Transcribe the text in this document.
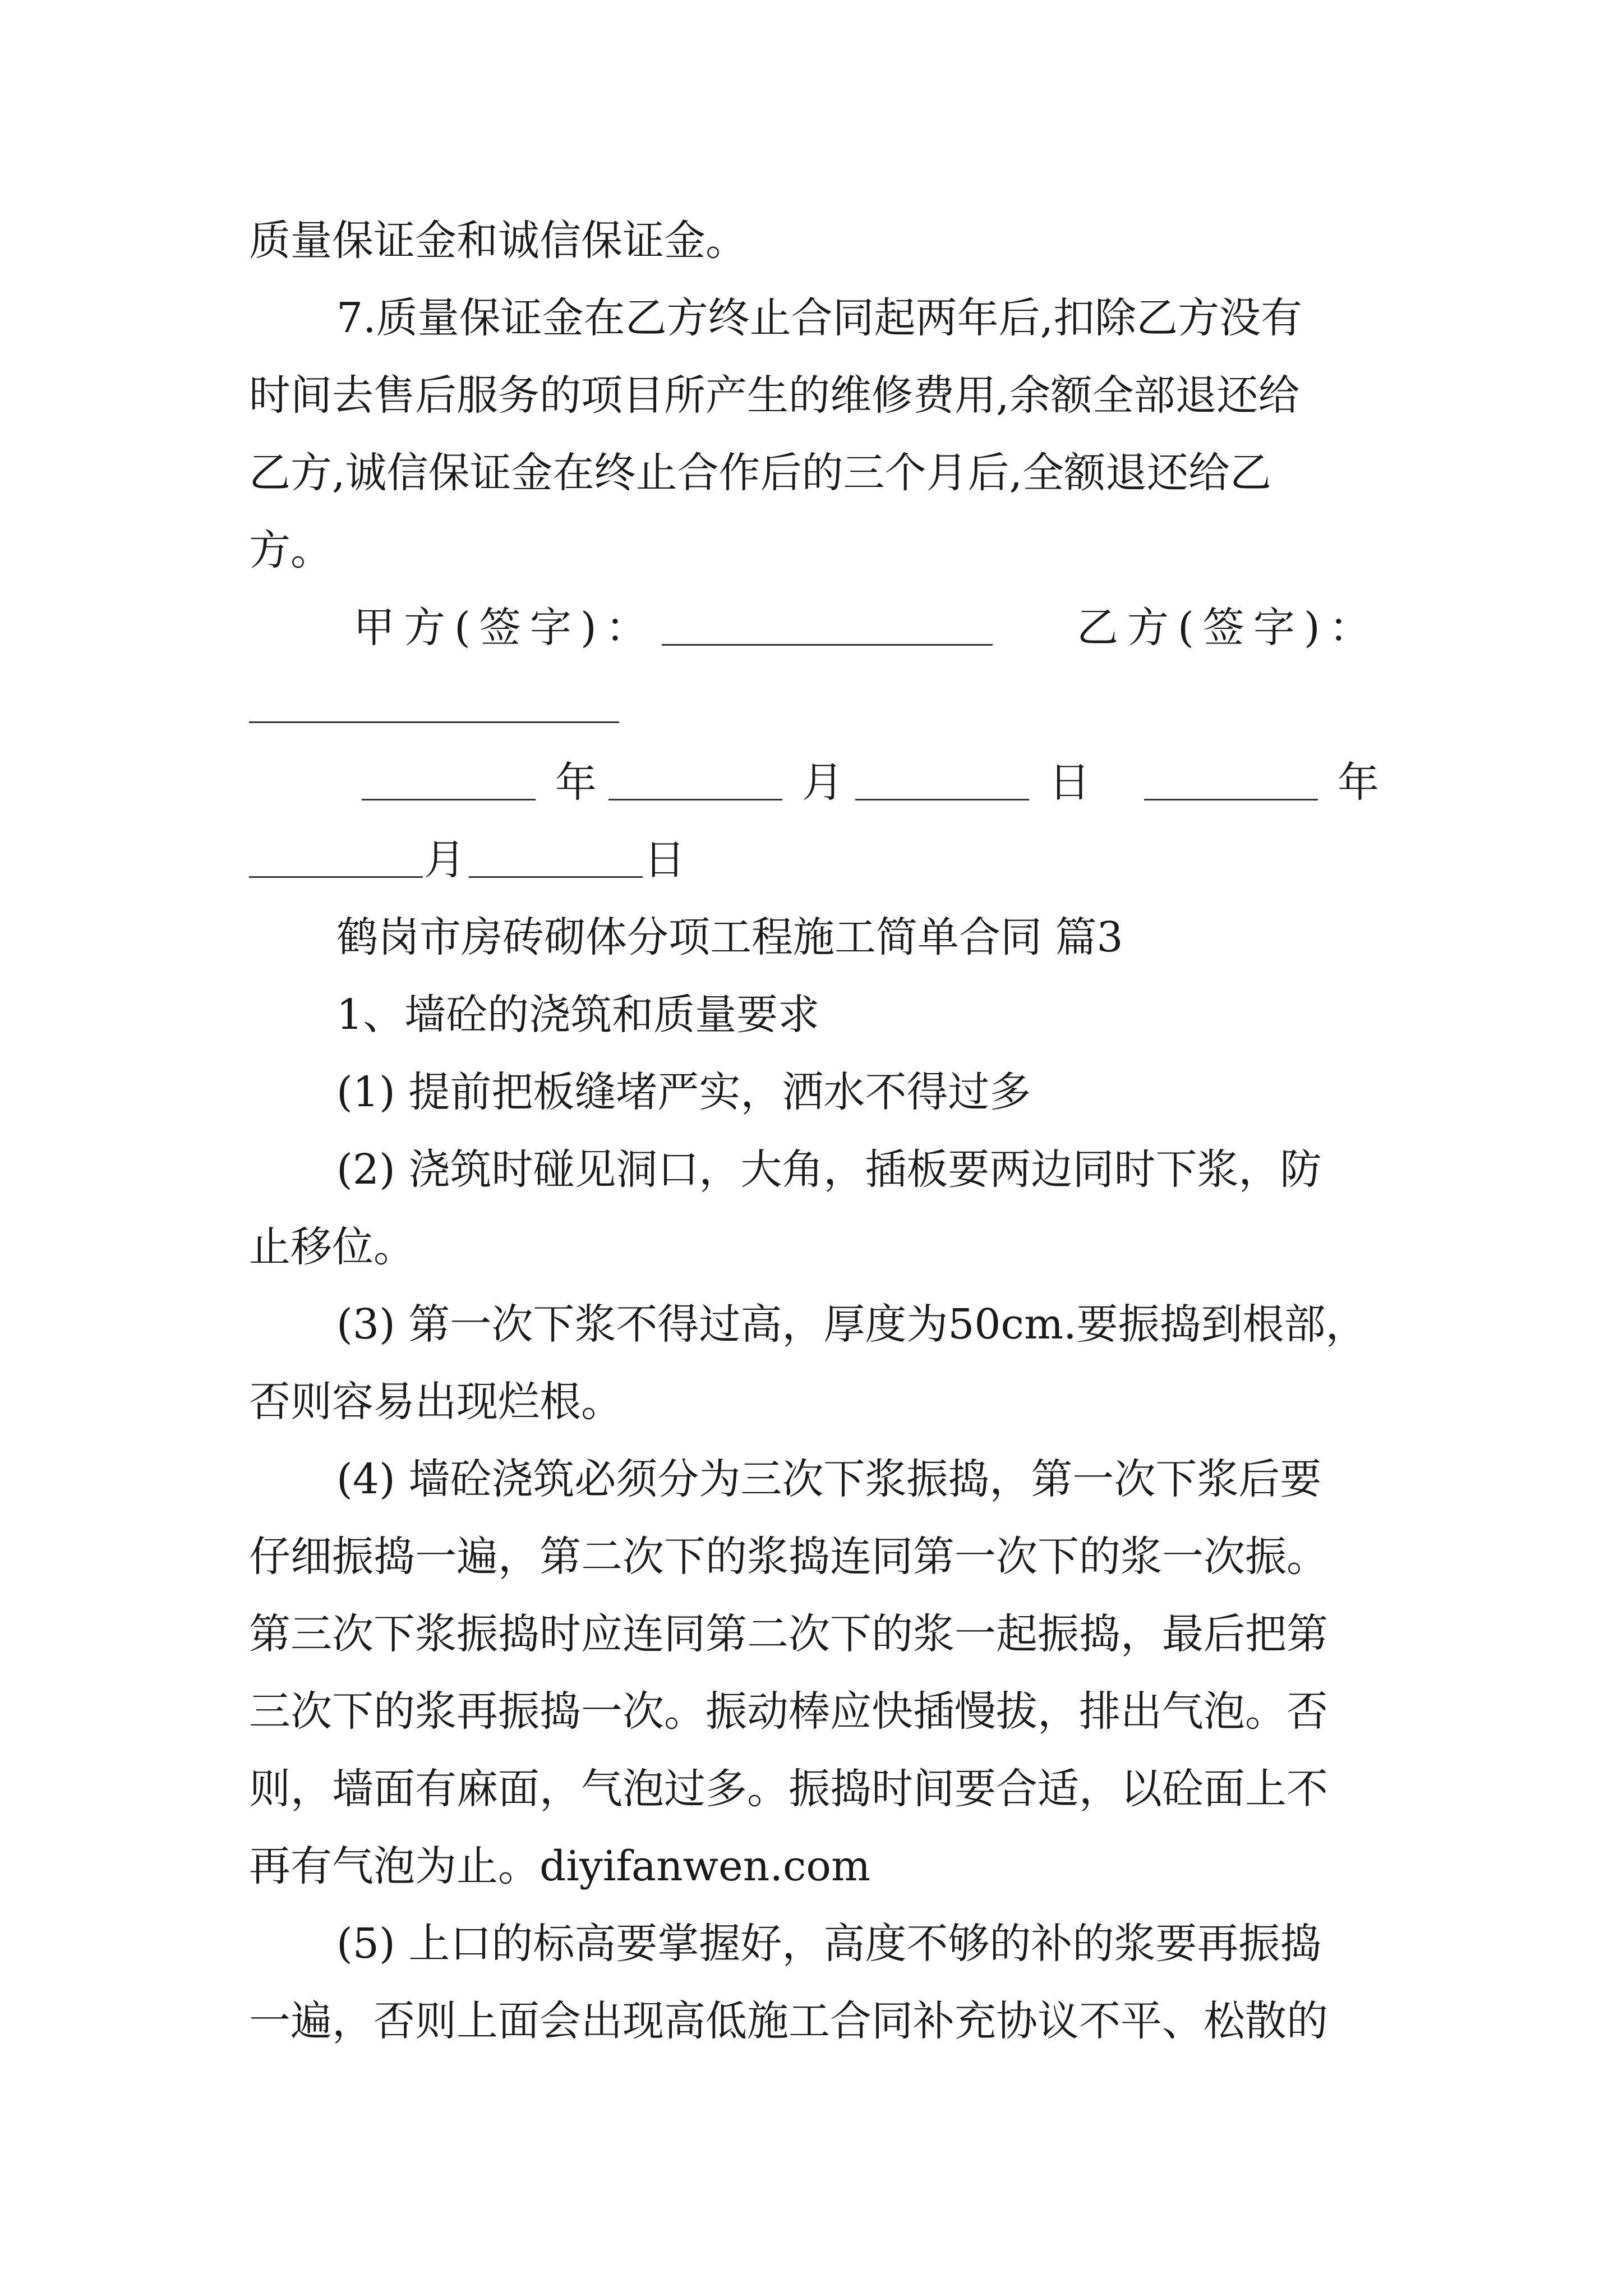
质量保证金和诚信保证金。
7.质量保证金在乙方终止合同起两年后,扣除乙方没有
时间去售后服务的项目所产生的维修费用,余额全部退还给
乙方,诚信保证金在终止合作后的三个月后,全额退还给乙
方。
甲方(签字)：	乙方(签字)：
年	月	日	年
月	日
鹤岗市房砖砌体分项工程施工简单合同 篇3
1、墙砼的浇筑和质量要求
(1) 提前把板缝堵严实，洒水不得过多
(2) 浇筑时碰见洞口，大角，插板要两边同时下浆，防
止移位。
(3) 第一次下浆不得过高，厚度为50cm.要振捣到根部，
否则容易出现烂根。
(4) 墙砼浇筑必须分为三次下浆振捣，第一次下浆后要
仔细振捣一遍，第二次下的浆捣连同第一次下的浆一次振。
第三次下浆振捣时应连同第二次下的浆一起振捣，最后把第
三次下的浆再振捣一次。振动棒应快插慢拔，排出气泡。否
则，墙面有麻面，气泡过多。振捣时间要合适，以砼面上不
再有气泡为止。diyifanwen.com
(5) 上口的标高要掌握好，高度不够的补的浆要再振捣
一遍，否则上面会出现高低施工合同补充协议不平、松散的
